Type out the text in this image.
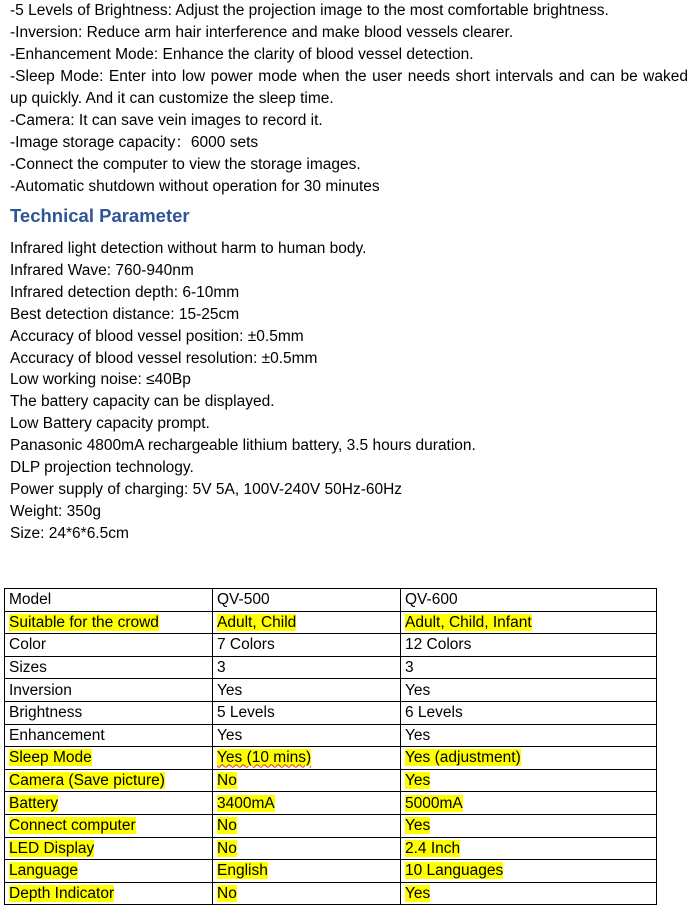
-5 Levels of Brightness: Adjust the projection image to the most comfortable brightness.

-Inversion: Reduce arm hair interference and make blood vessels clearer.

-Enhancement Mode: Enhance the clarity of blood vessel detection.

-Sleep Mode: Enter into low power mode when the user needs short intervals and can be waked up quickly. And it can customize the sleep time.

-Camera: It can save vein images to record it.

-Image storage capacity：6000 sets

-Connect the computer to view the storage images.

-Automatic shutdown without operation for 30 minutes

Technical Parameter

Infrared light detection without harm to human body.

Infrared Wave: 760-940nm

Infrared detection depth: 6-10mm

Best detection distance: 15-25cm

Accuracy of blood vessel position: ±0.5mm

Accuracy of blood vessel resolution: ±0.5mm

Low working noise: ≤40Bp

The battery capacity can be displayed.

Low Battery capacity prompt.

Panasonic 4800mA rechargeable lithium battery, 3.5 hours duration.

DLP projection technology.

Power supply of charging: 5V 5A, 100V-240V 50Hz-60Hz

Weight: 350g

Size: 24*6*6.5cm

Model	QV-500	QV-600
Suitable for the crowd	Adult, Child	Adult, Child, Infant
Color	7 Colors	12 Colors
Sizes	3	3
Inversion	Yes	Yes
Brightness	5 Levels	6 Levels
Enhancement	Yes	Yes
Sleep Mode	Yes (10 mins)	Yes (adjustment)
Camera (Save picture)	No	Yes
Battery	3400mA	5000mA
Connect computer	No	Yes
LED Display	No	2.4 Inch
Language	English	10 Languages
Depth Indicator	No	Yes
